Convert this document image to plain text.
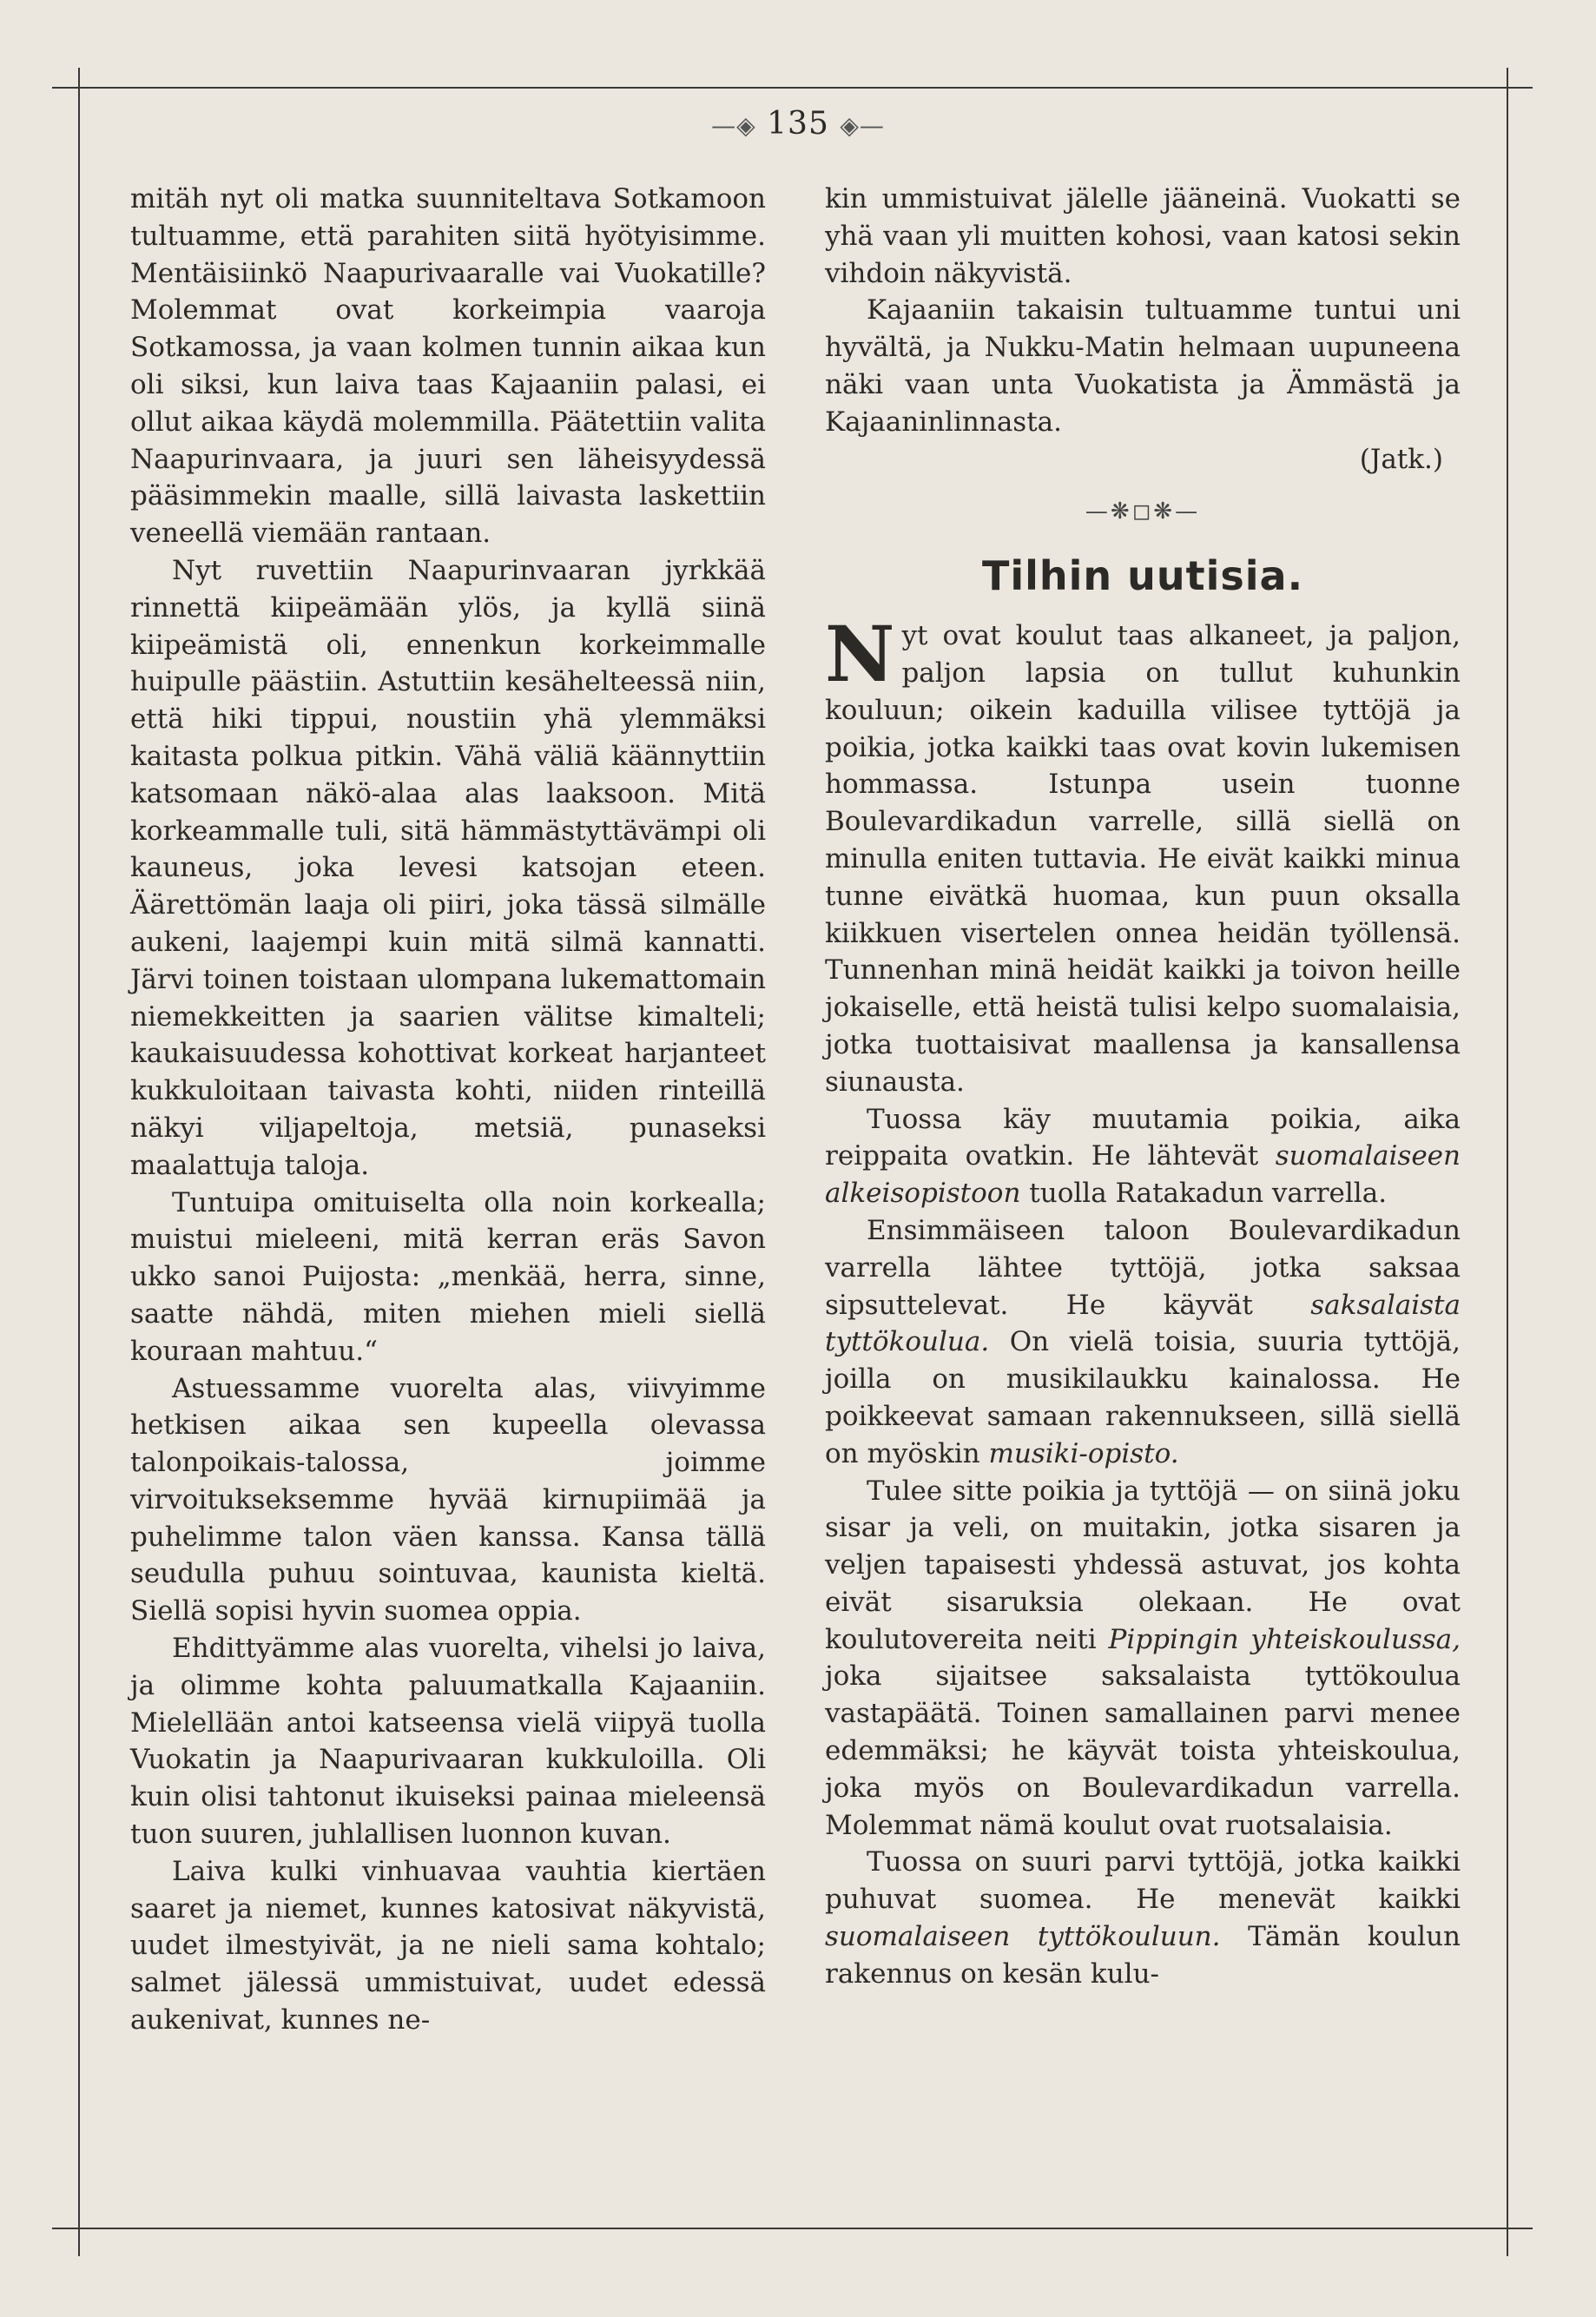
—◈ 135 ◈—

mitäh nyt oli matka suunniteltava Sotkamoon tultuamme, että parahiten siitä hyötyisimme. Mentäisiinkö Naapurivaaralle vai Vuokatille? Molemmat ovat korkeimpia vaaroja Sotkamossa, ja vaan kolmen tunnin aikaa kun oli siksi, kun laiva taas Kajaaniin palasi, ei ollut aikaa käydä molemmilla. Päätettiin valita Naapurinvaara, ja juuri sen läheisyydessä pääsimmekin maalle, sillä laivasta laskettiin veneellä viemään rantaan.

Nyt ruvettiin Naapurinvaaran jyrkkää rinnettä kiipeämään ylös, ja kyllä siinä kiipeämistä oli, ennenkun korkeimmalle huipulle päästiin. Astuttiin kesähelteessä niin, että hiki tippui, noustiin yhä ylemmäksi kaitasta polkua pitkin. Vähä väliä käännyttiin katsomaan näkö-alaa alas laaksoon. Mitä korkeammalle tuli, sitä hämmästyttävämpi oli kauneus, joka levesi katsojan eteen. Äärettömän laaja oli piiri, joka tässä silmälle aukeni, laajempi kuin mitä silmä kannatti. Järvi toinen toistaan ulompana lukemattomain niemekkeitten ja saarien välitse kimalteli; kaukaisuudessa kohottivat korkeat harjanteet kukkuloitaan taivasta kohti, niiden rinteillä näkyi viljapeltoja, metsiä, punaseksi maalattuja taloja.

Tuntuipa omituiselta olla noin korkealla; muistui mieleeni, mitä kerran eräs Savon ukko sanoi Puijosta: „menkää, herra, sinne, saatte nähdä, miten miehen mieli siellä kouraan mahtuu.“

Astuessamme vuorelta alas, viivyimme hetkisen aikaa sen kupeella olevassa talonpoikais-talossa, joimme virvoitukseksemme hyvää kirnupiimää ja puhelimme talon väen kanssa. Kansa tällä seudulla puhuu sointuvaa, kaunista kieltä. Siellä sopisi hyvin suomea oppia.

Ehdittyämme alas vuorelta, vihelsi jo laiva, ja olimme kohta paluumatkalla Kajaaniin. Mielellään antoi katseensa vielä viipyä tuolla Vuokatin ja Naapurivaaran kukkuloilla. Oli kuin olisi tahtonut ikuiseksi painaa mieleensä tuon suuren, juhlallisen luonnon kuvan.

Laiva kulki vinhuavaa vauhtia kiertäen saaret ja niemet, kunnes katosivat näkyvistä, uudet ilmestyivät, ja ne nieli sama kohtalo; salmet jälessä ummistuivat, uudet edessä aukenivat, kunnes ne-

kin ummistuivat jälelle jääneinä. Vuokatti se yhä vaan yli muitten kohosi, vaan katosi sekin vihdoin näkyvistä.

Kajaaniin takaisin tultuamme tuntui uni hyvältä, ja Nukku-Matin helmaan uupuneena näki vaan unta Vuokatista ja Ämmästä ja Kajaaninlinnasta.

(Jatk.)

—❋◻❋—
Tilhin uutisia.

Nyt ovat koulut taas alkaneet, ja paljon, paljon lapsia on tullut kuhunkin kouluun; oikein kaduilla vilisee tyttöjä ja poikia, jotka kaikki taas ovat kovin lukemisen hommassa. Istunpa usein tuonne Boulevardikadun varrelle, sillä siellä on minulla eniten tuttavia. He eivät kaikki minua tunne eivätkä huomaa, kun puun oksalla kiikkuen visertelen onnea heidän työllensä. Tunnenhan minä heidät kaikki ja toivon heille jokaiselle, että heistä tulisi kelpo suomalaisia, jotka tuottaisivat maallensa ja kansallensa siunausta.

Tuossa käy muutamia poikia, aika reippaita ovatkin. He lähtevät suomalaiseen alkeisopistoon tuolla Ratakadun varrella.

Ensimmäiseen taloon Boulevardikadun varrella lähtee tyttöjä, jotka saksaa sipsuttelevat. He käyvät saksalaista tyttökoulua. On vielä toisia, suuria tyttöjä, joilla on musikilaukku kainalossa. He poikkeevat samaan rakennukseen, sillä siellä on myöskin musiki-opisto.

Tulee sitte poikia ja tyttöjä — on siinä joku sisar ja veli, on muitakin, jotka sisaren ja veljen tapaisesti yhdessä astuvat, jos kohta eivät sisaruksia olekaan. He ovat koulutovereita neiti Pippingin yhteiskoulussa, joka sijaitsee saksalaista tyttökoulua vastapäätä. Toinen samallainen parvi menee edemmäksi; he käyvät toista yhteiskoulua, joka myös on Boulevardikadun varrella. Molemmat nämä koulut ovat ruotsalaisia.

Tuossa on suuri parvi tyttöjä, jotka kaikki puhuvat suomea. He menevät kaikki suomalaiseen tyttökouluun. Tämän koulun rakennus on kesän kulu-
